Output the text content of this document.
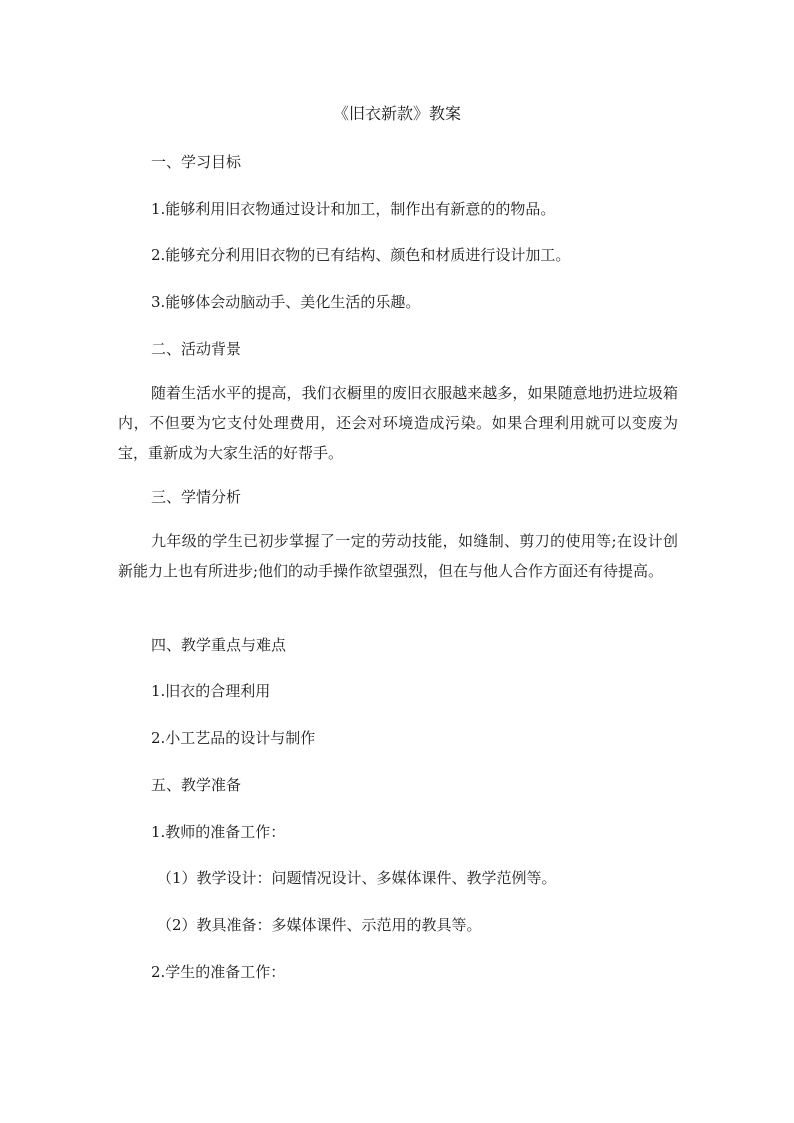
《旧衣新款》教案
一、学习目标
1.能够利用旧衣物通过设计和加工，制作出有新意的的物品。
2.能够充分利用旧衣物的已有结构、颜色和材质进行设计加工。
3.能够体会动脑动手、美化生活的乐趣。
二、活动背景
随着生活水平的提高，我们衣橱里的废旧衣服越来越多，如果随意地扔进垃圾箱内，不但要为它支付处理费用，还会对环境造成污染。如果合理利用就可以变废为宝，重新成为大家生活的好帮手。
三、学情分析
九年级的学生已初步掌握了一定的劳动技能，如缝制、剪刀的使用等;在设计创新能力上也有所进步;他们的动手操作欲望强烈，但在与他人合作方面还有待提高。
四、教学重点与难点
1.旧衣的合理利用
2.小工艺品的设计与制作
五、教学准备
1.教师的准备工作：
（1）教学设计：问题情况设计、多媒体课件、教学范例等。
（2）教具准备：多媒体课件、示范用的教具等。
2.学生的准备工作：
